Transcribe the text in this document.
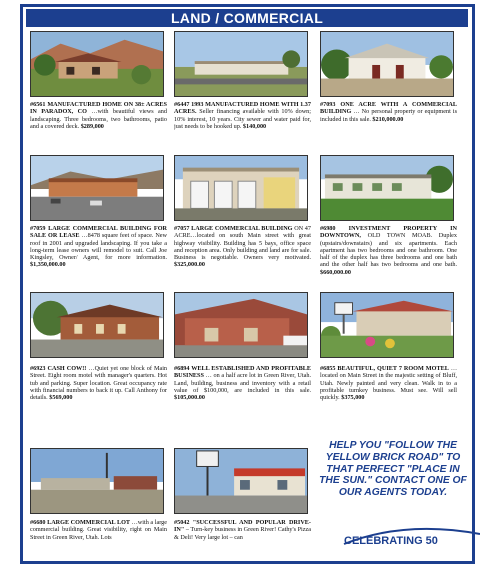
LAND / COMMERCIAL
#6561 MANUFACTURED HOME ON 38± ACRES IN PARADOX, CO …with beautiful views and landscaping. Three bedrooms, two bathrooms, patio and a covered deck. $289,000
#6447 1993 MANUFACTURED HOME WITH 1.37 ACRES. Seller financing available with 10% down; 10% interest, 10 years. City sewer and water paid for, just needs to be hooked up. $140,000
#7093 ONE ACRE WITH A COMMERCIAL BUILDING … No personal property or equipment is included in this sale. $210,000.00
#7059 LARGE COMMERCIAL BUILDING FOR SALE OR LEASE …8478 square feet of space. New roof in 2001 and upgraded landscaping. If you take a long-term lease owners will remodel to suit. Call Joe Kingsley, Owner/ Agent, for more information. $1,350,000.00
#7057 LARGE COMMERCIAL BUILDING ON 47 ACRE…located on south Main street with great highway visibility. Building has 5 bays, office space and reception area. Only building and land are for sale. Business is negotiable. Owners very motivated. $325,000.00
#6980 INVESTMENT PROPERTY IN DOWNTOWN, OLD TOWN MOAB. Duplex (upstairs/downstairs) and six apartments. Each apartment has two bedrooms and one bathroom. One half of the duplex has three bedrooms and one bath and the other half has two bedrooms and one bath. $660,000.00
#6923 CASH COW!! …Quiet yet one block of Main Street. Eight room motel with manager's quarters. Hot tub and parking. Super location. Great occupancy rate with financial numbers to back it up. Call Anthony for details. $569,000
#6894 WELL ESTABLISHED AND PROFITABLE BUSINESS … on a half acre lot in Green River, Utah. Land, building, business and inventory with a retail value of $100,000, are included in this sale. $105,000.00
#6855 BEAUTIFUL, QUIET 7 ROOM MOTEL …located on Main Street in the majestic setting of Bluff, Utah. Newly painted and very clean. Walk in to a profitable turnkey business. Must see. Will sell quickly. $375,000
#6680 LARGE COMMERCIAL LOT …with a large commercial building. Great visibility, right on Main Street in Green River, Utah. Lots
#5042 "SUCCESSFUL AND POPULAR DRIVE-IN" – Turn-key business in Green River! Cathy's Pizza & Deli! Very large lot – can
HELP YOU "FOLLOW THE YELLOW BRICK ROAD" TO THAT PERFECT "PLACE IN THE SUN." CONTACT ONE OF OUR AGENTS TODAY.
CELEBRATING 50
